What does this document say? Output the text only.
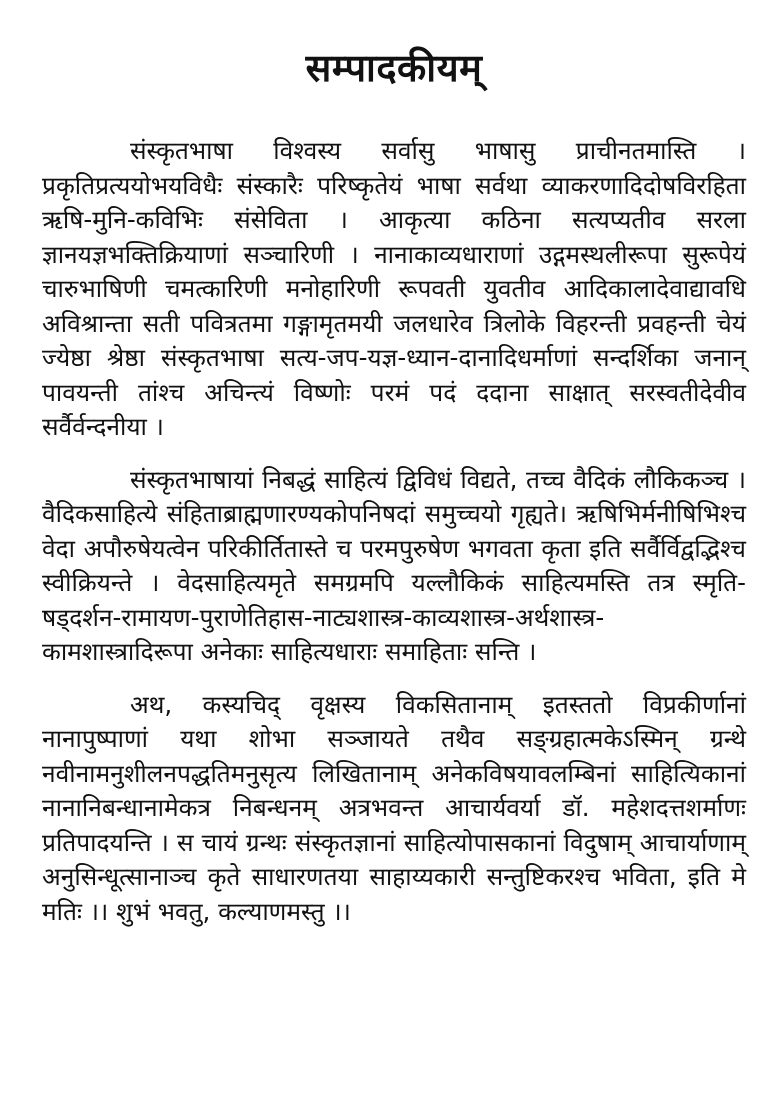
सम्पादकीयम्

संस्कृतभाषा विश्वस्य सर्वासु भाषासु प्राचीनतमास्ति । प्रकृतिप्रत्ययोभयविधैः संस्कारैः परिष्कृतेयं भाषा सर्वथा व्याकरणादिदोषविरहिता ऋषि-मुनि-कविभिः संसेविता । आकृत्या कठिना सत्यप्यतीव सरला ज्ञानयज्ञभक्तिक्रियाणां सञ्चारिणी । नानाकाव्यधाराणां उद्गमस्थलीरूपा सुरूपेयं चारुभाषिणी चमत्कारिणी मनोहारिणी रूपवती युवतीव आदिकालादेवाद्यावधि अविश्रान्ता सती पवित्रतमा गङ्गामृतमयी जलधारेव त्रिलोके विहरन्ती प्रवहन्ती चेयं ज्येष्ठा श्रेष्ठा संस्कृतभाषा सत्य-जप-यज्ञ-ध्यान-दानादिधर्माणां सन्दर्शिका जनान् पावयन्ती तांश्च अचिन्त्यं विष्णोः परमं पदं ददाना साक्षात् सरस्वतीदेवीव सर्वैर्वन्दनीया ।

संस्कृतभाषायां निबद्धं साहित्यं द्विविधं विद्यते, तच्च वैदिकं लौकिकञ्च । वैदिकसाहित्ये संहिताब्राह्मणारण्यकोपनिषदां समुच्चयो गृह्यते। ऋषिभिर्मनीषिभिश्च वेदा अपौरुषेयत्वेन परिकीर्तितास्ते च परमपुरुषेण भगवता कृता इति सर्वैर्विद्वद्भिश्च स्वीक्रियन्ते । वेदसाहित्यमृते समग्रमपि यल्लौकिकं साहित्यमस्ति तत्र स्मृति-षड्दर्शन-रामायण-पुराणेतिहास-नाट्यशास्त्र-काव्यशास्त्र-अर्थशास्त्र-कामशास्त्रादिरूपा अनेकाः साहित्यधाराः समाहिताः सन्ति ।

अथ, कस्यचिद् वृक्षस्य विकसितानाम् इतस्ततो विप्रकीर्णानां नानापुष्पाणां यथा शोभा सञ्जायते तथैव सङ्ग्रहात्मकेऽस्मिन् ग्रन्थे नवीनामनुशीलनपद्धतिमनुसृत्य लिखितानाम् अनेकविषयावलम्बिनां साहित्यिकानां नानानिबन्धानामेकत्र निबन्धनम् अत्रभवन्त आचार्यवर्या डॉ. महेशदत्तशर्माणः प्रतिपादयन्ति । स चायं ग्रन्थः संस्कृतज्ञानां साहित्योपासकानां विदुषाम् आचार्याणाम् अनुसिन्धूत्सानाञ्च कृते साधारणतया साहाय्यकारी सन्तुष्टिकरश्च भविता, इति मे मतिः ।। शुभं भवतु, कल्याणमस्तु ।।
